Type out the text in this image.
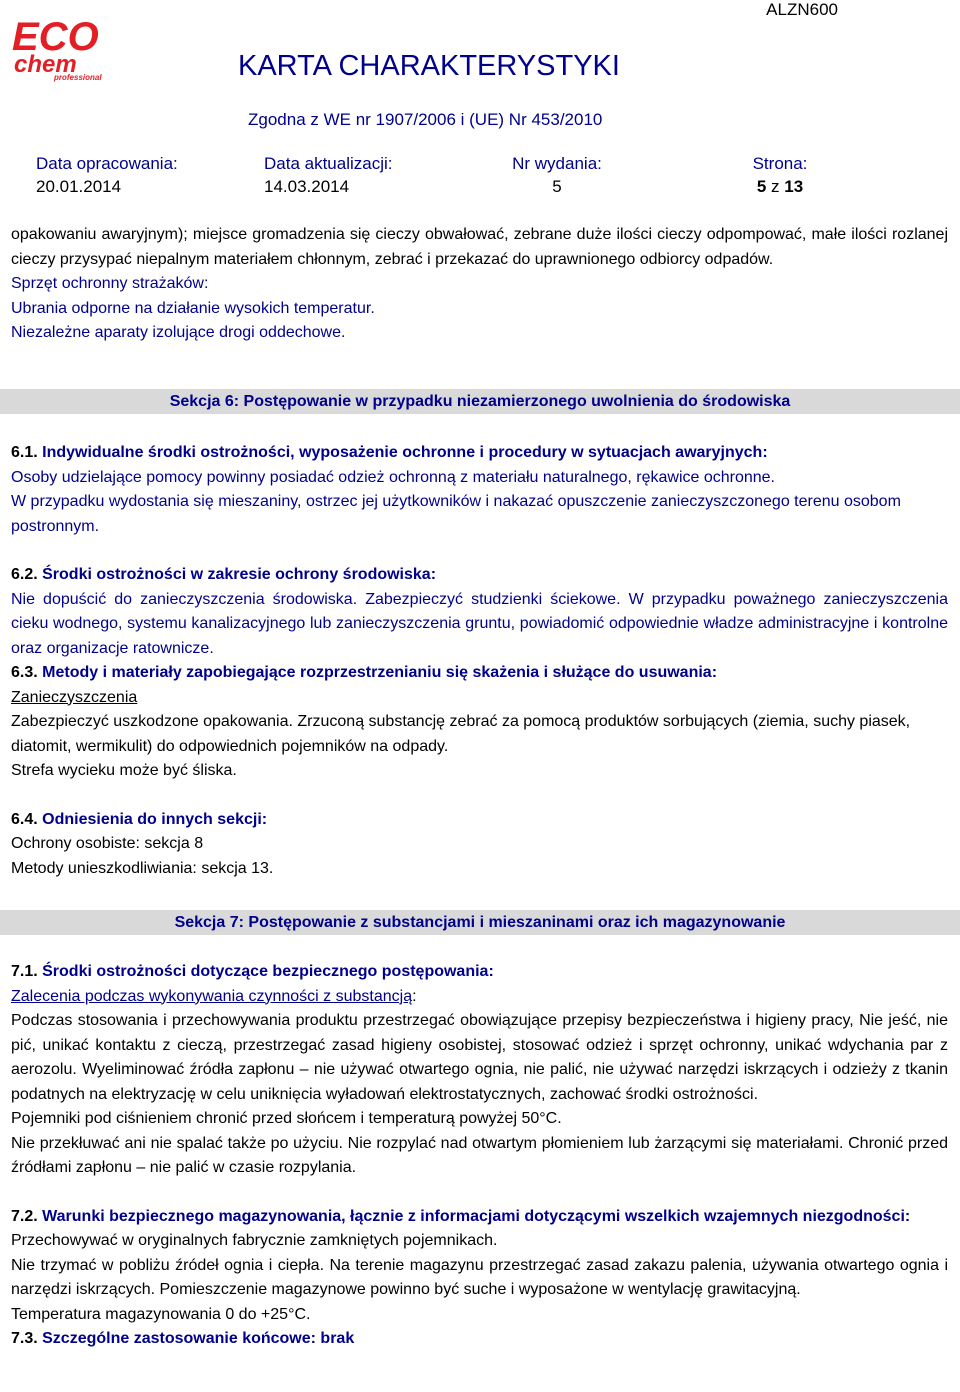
ECO
chem
professional
ALZN600
KARTA CHARAKTERYSTYKI
Zgodna z WE nr 1907/2006 i (UE) Nr 453/2010
Data opracowania:
20.01.2014
Data aktualizacji:
14.03.2014
Nr wydania:
5
Strona:
5 z 13

opakowaniu awaryjnym); miejsce gromadzenia się cieczy obwałować, zebrane duże ilości cieczy odpompować, małe ilości rozlanej cieczy przysypać niepalnym materiałem chłonnym, zebrać i przekazać do uprawnionego odbiorcy odpadów.

Sprzęt ochronny strażaków:

Ubrania odporne na działanie wysokich temperatur.

Niezależne aparaty izolujące drogi oddechowe.

Sekcja 6: Postępowanie w przypadku niezamierzonego uwolnienia do środowiska

6.1. Indywidualne środki ostrożności, wyposażenie ochronne i procedury w sytuacjach awaryjnych:

Osoby udzielające pomocy powinny posiadać odzież ochronną z materiału naturalnego, rękawice ochronne.

W przypadku wydostania się mieszaniny, ostrzec jej użytkowników i nakazać opuszczenie zanieczyszczonego terenu osobom postronnym.

6.2. Środki ostrożności w zakresie ochrony środowiska:

Nie dopuścić do zanieczyszczenia środowiska. Zabezpieczyć studzienki ściekowe. W przypadku poważnego zanieczyszczenia cieku wodnego, systemu kanalizacyjnego lub zanieczyszczenia gruntu, powiadomić odpowiednie władze administracyjne i kontrolne oraz organizacje ratownicze.

6.3. Metody i materiały zapobiegające rozprzestrzenianiu się skażenia i służące do usuwania:

Zanieczyszczenia

Zabezpieczyć uszkodzone opakowania. Zrzuconą substancję zebrać za pomocą produktów sorbujących (ziemia, suchy piasek, diatomit, wermikulit) do odpowiednich pojemników na odpady.

Strefa wycieku może być śliska.

6.4. Odniesienia do innych sekcji:

Ochrony osobiste: sekcja 8

Metody unieszkodliwiania: sekcja 13.

Sekcja 7: Postępowanie z substancjami i mieszaninami oraz ich magazynowanie

7.1. Środki ostrożności dotyczące bezpiecznego postępowania:

Zalecenia podczas wykonywania czynności z substancją:

Podczas stosowania i przechowywania produktu przestrzegać obowiązujące przepisy bezpieczeństwa i higieny pracy, Nie jeść, nie pić, unikać kontaktu z cieczą, przestrzegać zasad higieny osobistej, stosować odzież i sprzęt ochronny, unikać wdychania par z aerozolu. Wyeliminować źródła zapłonu – nie używać otwartego ognia, nie palić, nie używać narzędzi iskrzących i odzieży z tkanin podatnych na elektryzację w celu uniknięcia wyładowań elektrostatycznych, zachować środki ostrożności.

Pojemniki pod ciśnieniem chronić przed słońcem i temperaturą powyżej 50°C.

Nie przekłuwać ani nie spalać także po użyciu. Nie rozpylać nad otwartym płomieniem lub żarzącymi się materiałami. Chronić przed źródłami zapłonu – nie palić w czasie rozpylania.

7.2. Warunki bezpiecznego magazynowania, łącznie z informacjami dotyczącymi wszelkich wzajemnych niezgodności:

Przechowywać w oryginalnych fabrycznie zamkniętych pojemnikach.

Nie trzymać w pobliżu źródeł ognia i ciepła. Na terenie magazynu przestrzegać zasad zakazu palenia, używania otwartego ognia i narzędzi iskrzących. Pomieszczenie magazynowe powinno być suche i wyposażone w wentylację grawitacyjną.

Temperatura magazynowania 0 do +25°C.

7.3. Szczególne zastosowanie końcowe: brak
